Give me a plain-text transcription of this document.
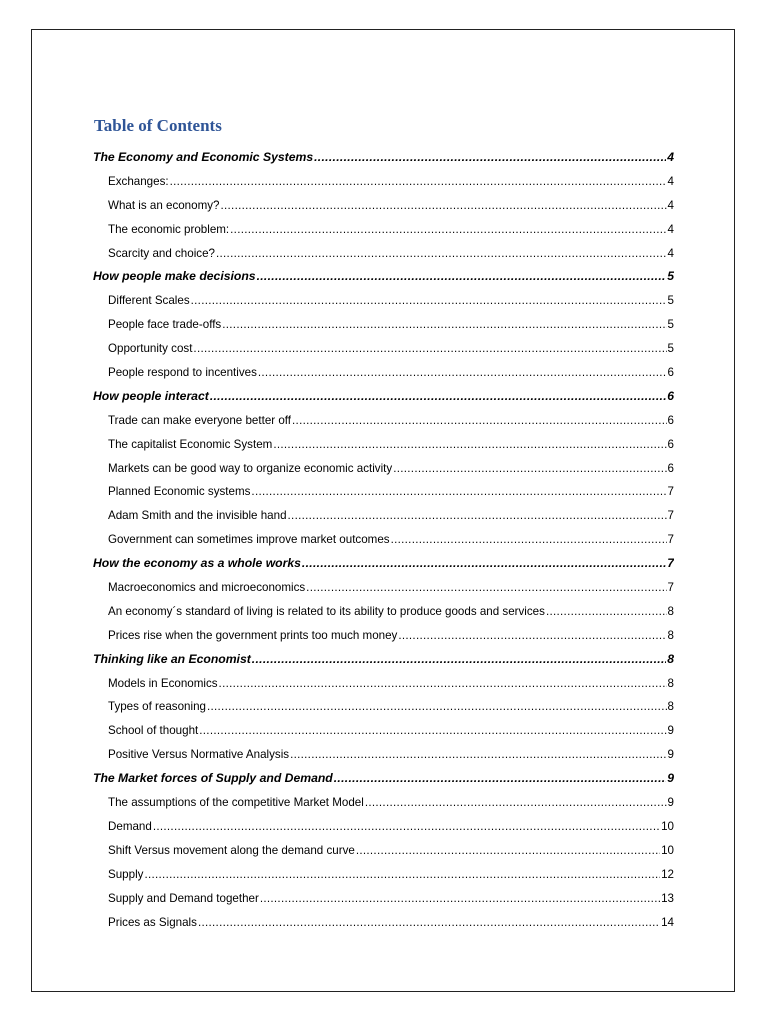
Table of Contents
The Economy and Economic Systems .....	4
Exchanges: .....	4
What is an economy? .....	4
The economic problem: .....	4
Scarcity and choice? .....	4
How people make decisions .....	5
Different Scales .....	5
People face trade-offs .....	5
Opportunity cost .....	5
People respond to incentives .....	6
How people interact .....	6
Trade can make everyone better off .....	6
The capitalist Economic System .....	6
Markets can be good way to organize economic activity .....	6
Planned Economic systems .....	7
Adam Smith and the invisible hand .....	7
Government can sometimes improve market outcomes .....	7
How the economy as a whole works .....	7
Macroeconomics and microeconomics .....	7
An economy´s standard of living is related to its ability to produce goods and services .....	8
Prices rise when the government prints too much money .....	8
Thinking like an Economist .....	8
Models in Economics .....	8
Types of reasoning .....	8
School of thought .....	9
Positive Versus Normative Analysis .....	9
The Market forces of Supply and Demand .....	9
The assumptions of the competitive Market Model .....	9
Demand .....	10
Shift Versus movement along the demand curve .....	10
Supply .....	12
Supply and Demand together .....	13
Prices as Signals .....	14
